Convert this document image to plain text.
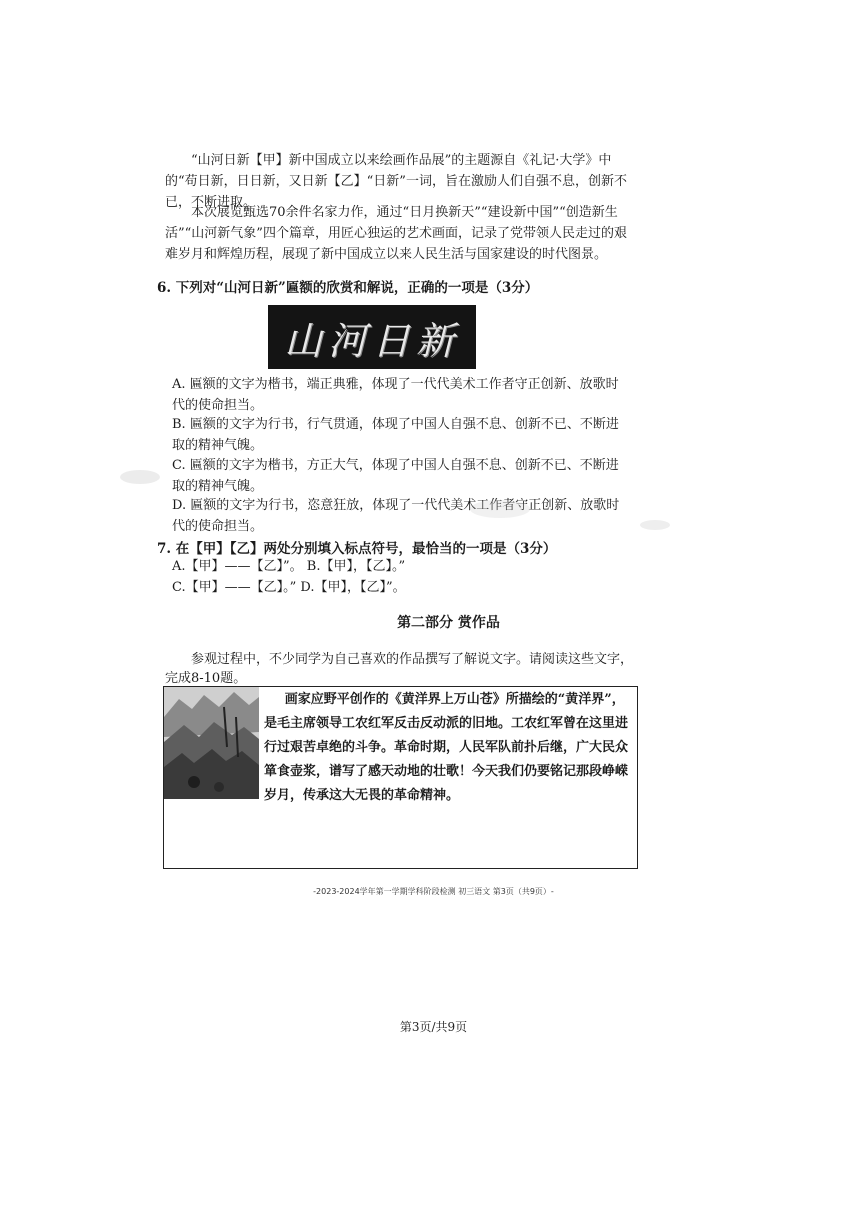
“山河日新【甲】新中国成立以来绘画作品展”的主题源自《礼记·大学》中的“苟日新，日日新，又日新【乙】“日新”一词，旨在激励人们自强不息，创新不已，不断进取。

本次展览甄选70余件名家力作，通过“日月换新天”“建设新中国”“创造新生活”“山河新气象”四个篇章，用匠心独运的艺术画面，记录了党带领人民走过的艰难岁月和辉煌历程，展现了新中国成立以来人民生活与国家建设的时代图景。

6. 下列对“山河日新”匾额的欣赏和解说，正确的一项是（3分）

山河日新

A. 匾额的文字为楷书，端正典雅，体现了一代代美术工作者守正创新、放歌时代的使命担当。

B. 匾额的文字为行书，行气贯通，体现了中国人自强不息、创新不已、不断进取的精神气魄。

C. 匾额的文字为楷书，方正大气，体现了中国人自强不息、创新不已、不断进取的精神气魄。

D. 匾额的文字为行书，恣意狂放，体现了一代代美术工作者守正创新、放歌时代的使命担当。

7. 在【甲】【乙】两处分别填入标点符号，最恰当的一项是（3分）

A.【甲】——【乙】”。 B.【甲】，【乙】。”

C.【甲】——【乙】。” D.【甲】，【乙】”。

第二部分 赏作品

参观过程中，不少同学为自己喜欢的作品撰写了解说文字。请阅读这些文字，完成8-10题。

画家应野平创作的《黄洋界上万山苍》所描绘的“黄洋界”，是毛主席领导工农红军反击反动派的旧地。工农红军曾在这里进行过艰苦卓绝的斗争。革命时期，人民军队前扑后继，广大民众箪食壶浆，谱写了感天动地的壮歌！今天我们仍要铭记那段峥嵘岁月，传承这大无畏的革命精神。

-2023-2024学年第一学期学科阶段检测 初三语文 第3页（共9页）-

第3页/共9页
